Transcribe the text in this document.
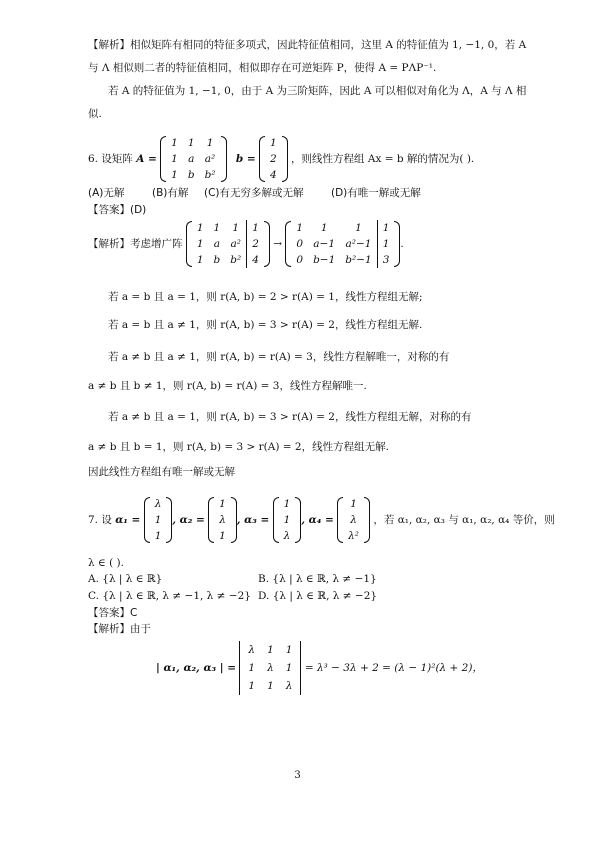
【解析】相似矩阵有相同的特征多项式，因此特征值相同，这里 A 的特征值为 1, −1, 0，若 A
与 Λ 相似则二者的特征值相同，相似即存在可逆矩阵 P，使得 A = PΛP⁻¹.
若 A 的特征值为 1, −1, 0，由于 A 为三阶矩阵，因此 A 可以相似对角化为 Λ，A 与 Λ 相
似.
6. 设矩阵 A =
1	1	1
1	a	a²
1	b	b²
b =
1
2
4
，则线性方程组 Ax = b 解的情况为( ).
(A)无解	(B)有解 (C)有无穷多解或无解	(D)有唯一解或无解
【答案】(D)
【解析】考虑增广阵
1	1	1	1
1	a	a²	2
1	b	b²	4
→
1	1	1	1
0	a−1	a²−1	1
0	b−1	b²−1	3
.
若 a = b 且 a = 1，则 r(A, b) = 2 > r(A) = 1，线性方程组无解;
若 a = b 且 a ≠ 1，则 r(A, b) = 3 > r(A) = 2，线性方程组无解.
若 a ≠ b 且 a ≠ 1，则 r(A, b) = r(A) = 3，线性方程解唯一，对称的有
a ≠ b 且 b ≠ 1，则 r(A, b) = r(A) = 3，线性方程解唯一.
若 a ≠ b 且 a = 1，则 r(A, b) = 3 > r(A) = 2，线性方程组无解，对称的有
a ≠ b 且 b = 1，则 r(A, b) = 3 > r(A) = 2，线性方程组无解.
因此线性方程组有唯一解或无解
7. 设 α₁ =
λ
1
1
, α₂ =
1
λ
1
, α₃ =
1
1
λ
, α₄ =
1
λ
λ²
，若 α₁, α₂, α₃ 与 α₁, α₂, α₄ 等价，则
λ ∈ ( ).
A. {λ | λ ∈ ℝ}	B. {λ | λ ∈ ℝ, λ ≠ −1}
C. {λ | λ ∈ ℝ, λ ≠ −1, λ ≠ −2} D. {λ | λ ∈ ℝ, λ ≠ −2}
【答案】C
【解析】由于
| α₁, α₂, α₃ | =
λ	1	1
1	λ	1
1	1	λ
= λ³ − 3λ + 2 = (λ − 1)²(λ + 2)，
3
